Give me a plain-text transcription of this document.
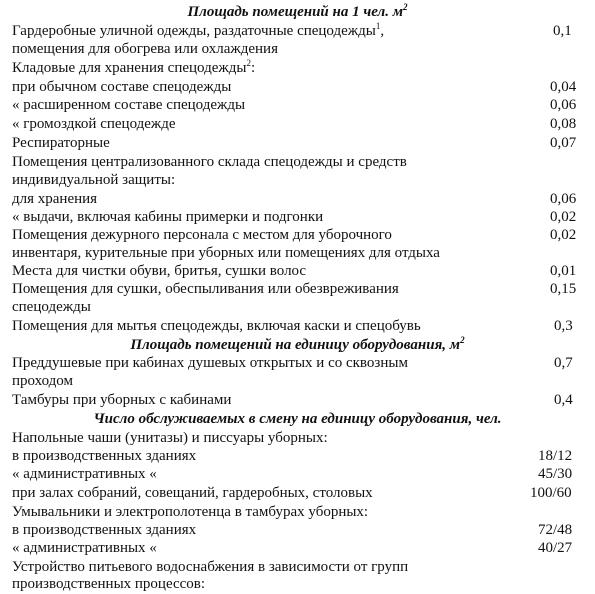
Площадь помещений на 1 чел. $м^2$
Гардеробные уличной одежды, раздаточные спецодежды$^1$,	0,1
помещения для обогрева или охлаждения
Кладовые для хранения спецодежды$^2$:
при обычном составе спецодежды	0,04
« расширенном составе спецодежды	0,06
« громоздкой спецодежде	0,08
Респираторные	0,07
Помещения централизованного склада спецодежды и средств
индивидуальной защиты:
для хранения	0,06
« выдачи, включая кабины примерки и подгонки	0,02
Помещения дежурного персонала с местом для уборочного	0,02
инвентаря, курительные при уборных или помещениях для отдыха
Места для чистки обуви, бритья, сушки волос	0,01
Помещения для сушки, обеспыливания или обезвреживания	0,15
спецодежды
Помещения для мытья спецодежды, включая каски и спецобувь	0,3
Площадь помещений на единицу оборудования, $м^2$
Преддушевые при кабинах душевых открытых и со сквозным	0,7
проходом
Тамбуры при уборных с кабинами	0,4
Число обслуживаемых в смену на единицу оборудования, чел.
Напольные чаши (унитазы) и писсуары уборных:
в производственных зданиях	18/12
« административных «	45/30
при залах собраний, совещаний, гардеробных, столовых	100/60
Умывальники и электрополотенца в тамбурах уборных:
в производственных зданиях	72/48
« административных «	40/27
Устройство питьевого водоснабжения в зависимости от групп
производственных процессов:
